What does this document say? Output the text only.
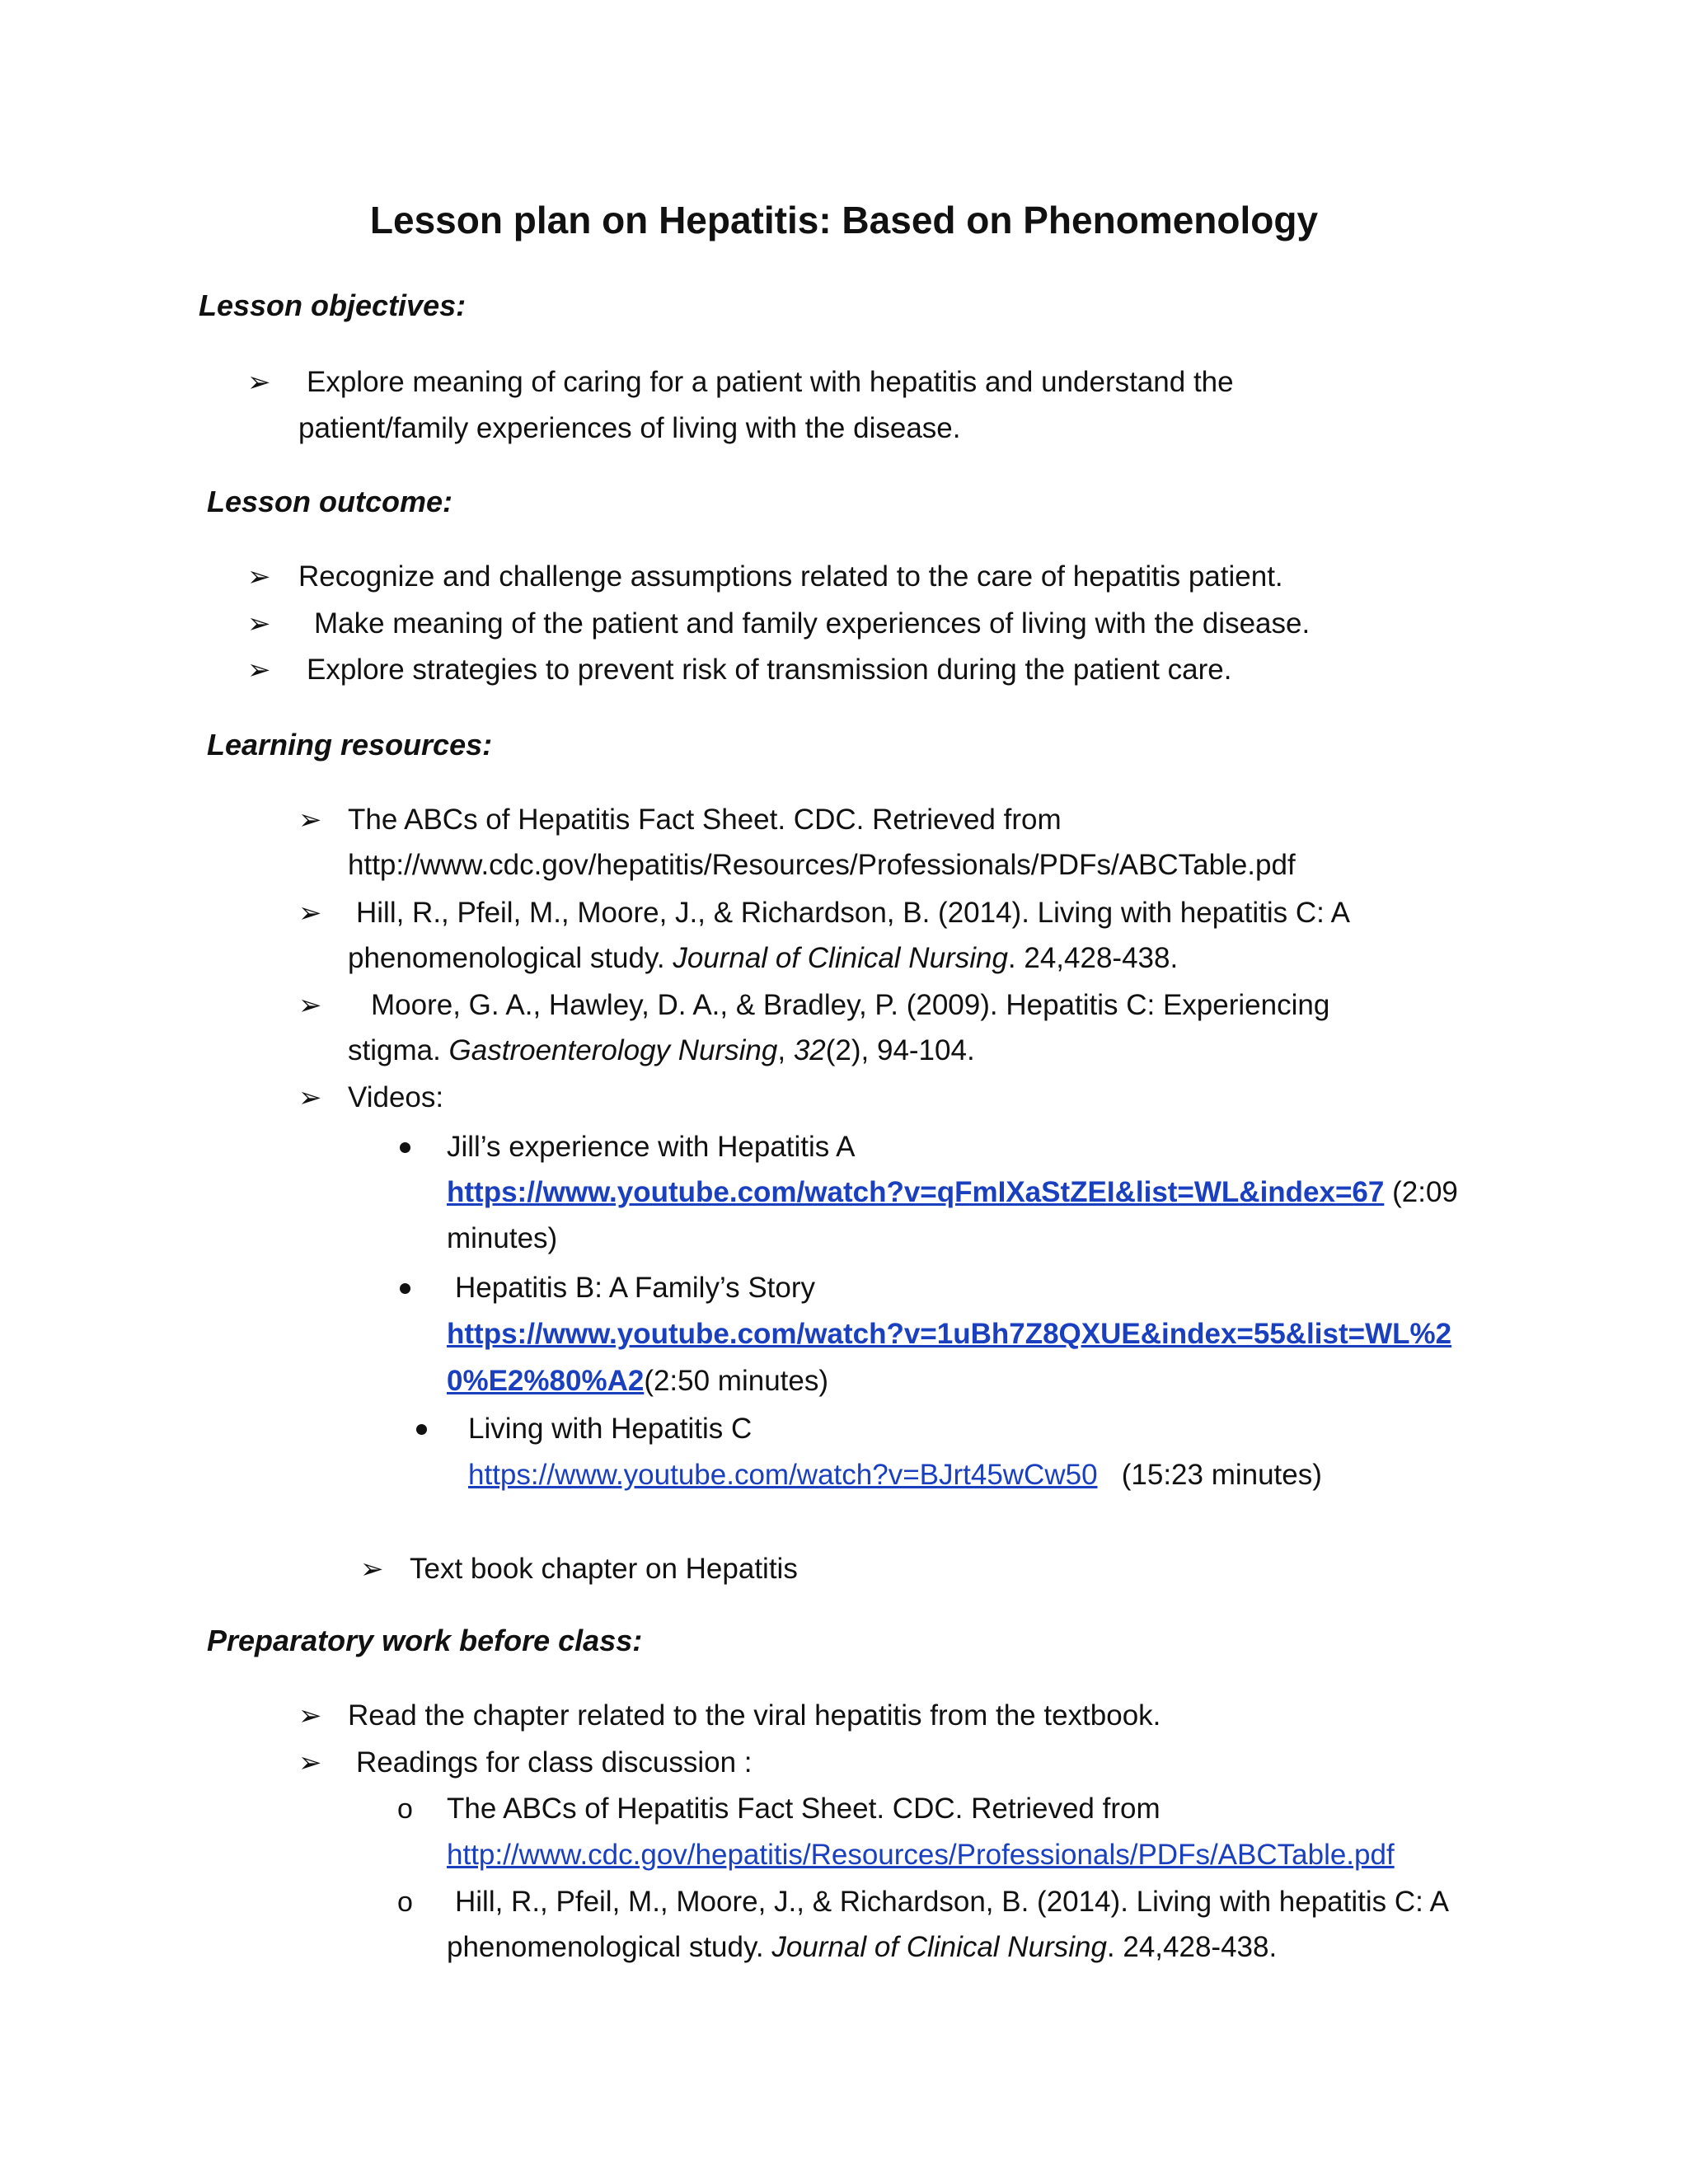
Lesson plan on Hepatitis: Based on Phenomenology
Lesson objectives:
➢ Explore meaning of caring for a patient with hepatitis and understand the
patient/family experiences of living with the disease.
Lesson outcome:
➢ Recognize and challenge assumptions related to the care of hepatitis patient.
➢ Make meaning of the patient and family experiences of living with the disease.
➢ Explore strategies to prevent risk of transmission during the patient care.
Learning resources:
➢ The ABCs of Hepatitis Fact Sheet. CDC. Retrieved from
http://www.cdc.gov/hepatitis/Resources/Professionals/PDFs/ABCTable.pdf
➢ Hill, R., Pfeil, M., Moore, J., & Richardson, B. (2014). Living with hepatitis C: A
phenomenological study. Journal of Clinical Nursing. 24,428-438.
➢ Moore, G. A., Hawley, D. A., & Bradley, P. (2009). Hepatitis C: Experiencing
stigma. Gastroenterology Nursing, 32(2), 94-104.
➢ Videos:
Jill’s experience with Hepatitis A
https://www.youtube.com/watch?v=qFmIXaStZEI&list=WL&index=67 (2:09
minutes)
Hepatitis B: A Family’s Story
https://www.youtube.com/watch?v=1uBh7Z8QXUE&index=55&list=WL%2
0%E2%80%A2(2:50 minutes)
Living with Hepatitis C
https://www.youtube.com/watch?v=BJrt45wCw50 (15:23 minutes)
➢ Text book chapter on Hepatitis
Preparatory work before class:
➢ Read the chapter related to the viral hepatitis from the textbook.
➢ Readings for class discussion :
o The ABCs of Hepatitis Fact Sheet. CDC. Retrieved from
http://www.cdc.gov/hepatitis/Resources/Professionals/PDFs/ABCTable.pdf
o Hill, R., Pfeil, M., Moore, J., & Richardson, B. (2014). Living with hepatitis C: A
phenomenological study. Journal of Clinical Nursing. 24,428-438.
